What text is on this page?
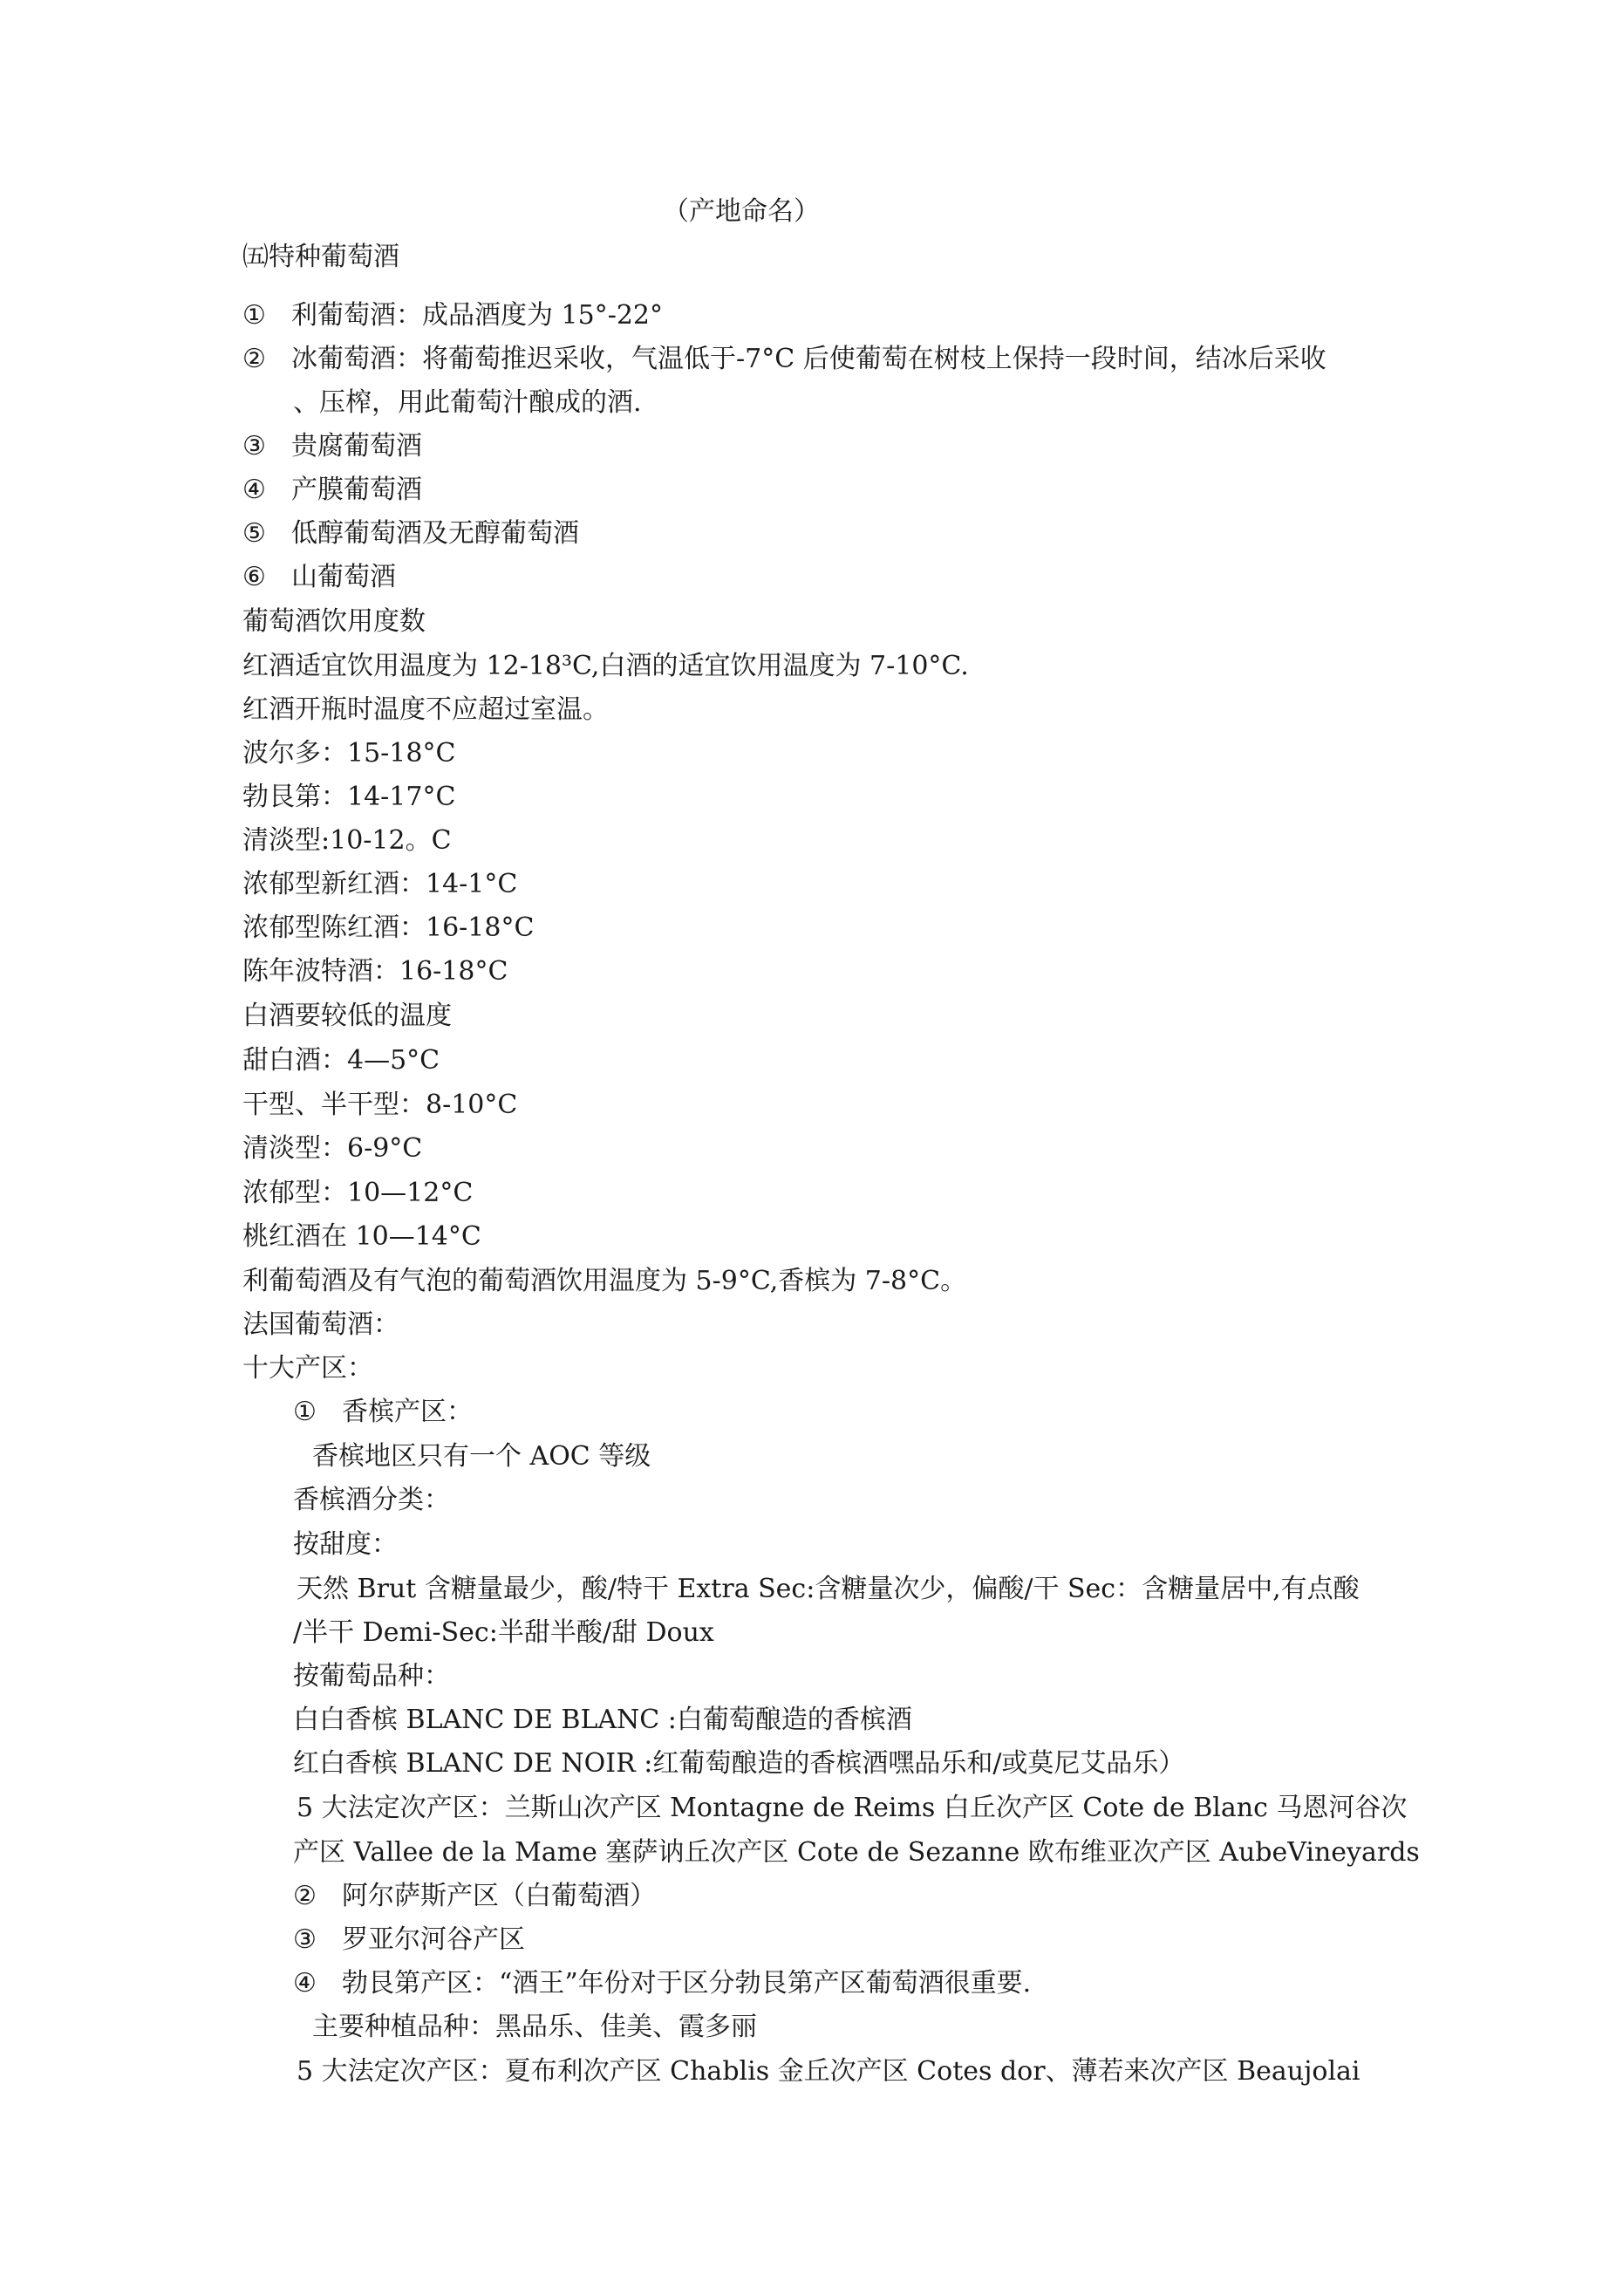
（产地命名）
㈤特种葡萄酒
① 利葡萄酒：成品酒度为 15°-22°
② 冰葡萄酒：将葡萄推迟采收，气温低于-7°C 后使葡萄在树枝上保持一段时间，结冰后采收
、压榨，用此葡萄汁酿成的酒.
③ 贵腐葡萄酒
④ 产膜葡萄酒
⑤ 低醇葡萄酒及无醇葡萄酒
⑥ 山葡萄酒
葡萄酒饮用度数
红酒适宜饮用温度为 12-18³C,白酒的适宜饮用温度为 7-10°C.
红酒开瓶时温度不应超过室温。
波尔多：15-18°C
勃艮第：14-17°C
清淡型:10-12。C
浓郁型新红酒：14-1°C
浓郁型陈红酒：16-18°C
陈年波特酒：16-18°C
白酒要较低的温度
甜白酒：4—5°C
干型、半干型：8-10°C
清淡型：6-9°C
浓郁型：10—12°C
桃红酒在 10—14°C
利葡萄酒及有气泡的葡萄酒饮用温度为 5-9°C,香槟为 7-8°C。
法国葡萄酒：
十大产区：
① 香槟产区：
香槟地区只有一个 AOC 等级
香槟酒分类：
按甜度：
天然 Brut 含糖量最少，酸/特干 Extra Sec:含糖量次少，偏酸/干 Sec：含糖量居中,有点酸
/半干 Demi-Sec:半甜半酸/甜 Doux
按葡萄品种：
白白香槟 BLANC DE BLANC :白葡萄酿造的香槟酒
红白香槟 BLANC DE NOIR :红葡萄酿造的香槟酒嘿品乐和/或莫尼艾品乐）
5 大法定次产区：兰斯山次产区 Montagne de Reims 白丘次产区 Cote de Blanc 马恩河谷次
产区 Vallee de la Mame 塞萨讷丘次产区 Cote de Sezanne 欧布维亚次产区 AubeVineyards
② 阿尔萨斯产区（白葡萄酒）
③ 罗亚尔河谷产区
④ 勃艮第产区：“酒王”年份对于区分勃艮第产区葡萄酒很重要.
主要种植品种：黑品乐、佳美、霞多丽
5 大法定次产区：夏布利次产区 Chablis 金丘次产区 Cotes dor、薄若来次产区 Beaujolai
